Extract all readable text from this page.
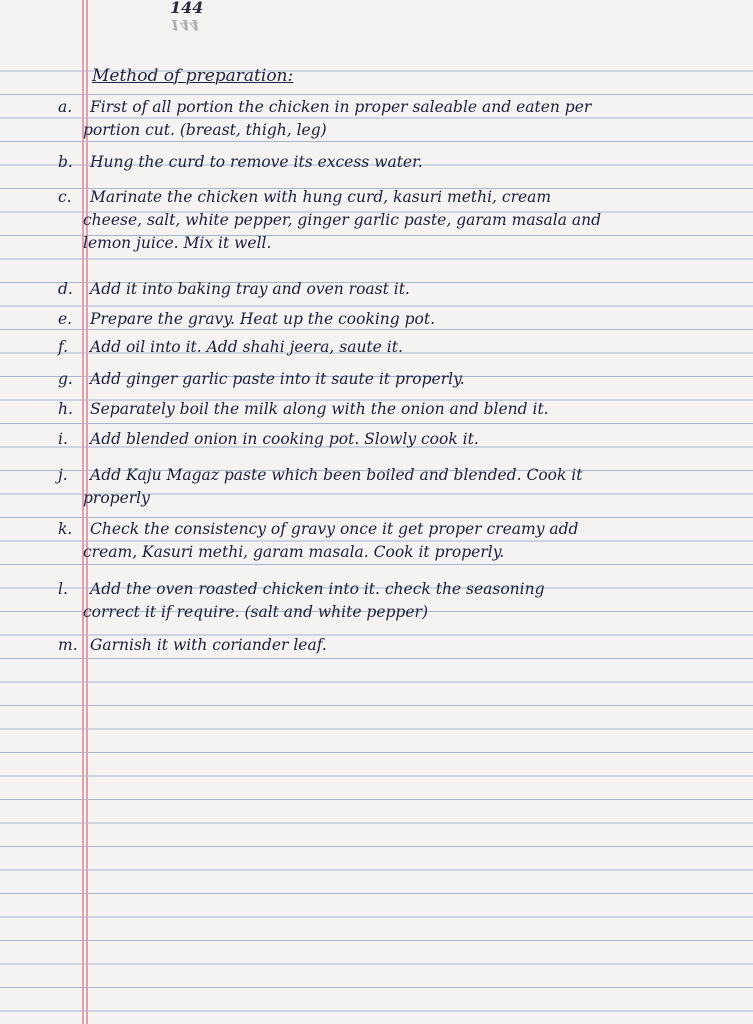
144
144
Method of preparation:
a.	First of all portion the chicken in proper saleable and eaten per
portion cut. (breast, thigh, leg)
b.	Hung the curd to remove its excess water.
c.	Marinate the chicken with hung curd, kasuri methi, cream
cheese, salt, white pepper, ginger garlic paste, garam masala and
lemon juice. Mix it well.
d.	Add it into baking tray and oven roast it.
e.	Prepare the gravy. Heat up the cooking pot.
f.	Add oil into it. Add shahi jeera, saute it.
g.	Add ginger garlic paste into it saute it properly.
h.	Separately boil the milk along with the onion and blend it.
i.	Add blended onion in cooking pot. Slowly cook it.
j.	Add Kaju Magaz paste which been boiled and blended. Cook it
properly
k.	Check the consistency of gravy once it get proper creamy add
cream, Kasuri methi, garam masala. Cook it properly.
l.	Add the oven roasted chicken into it. check the seasoning
correct it if require. (salt and white pepper)
m. Garnish it with coriander leaf.
